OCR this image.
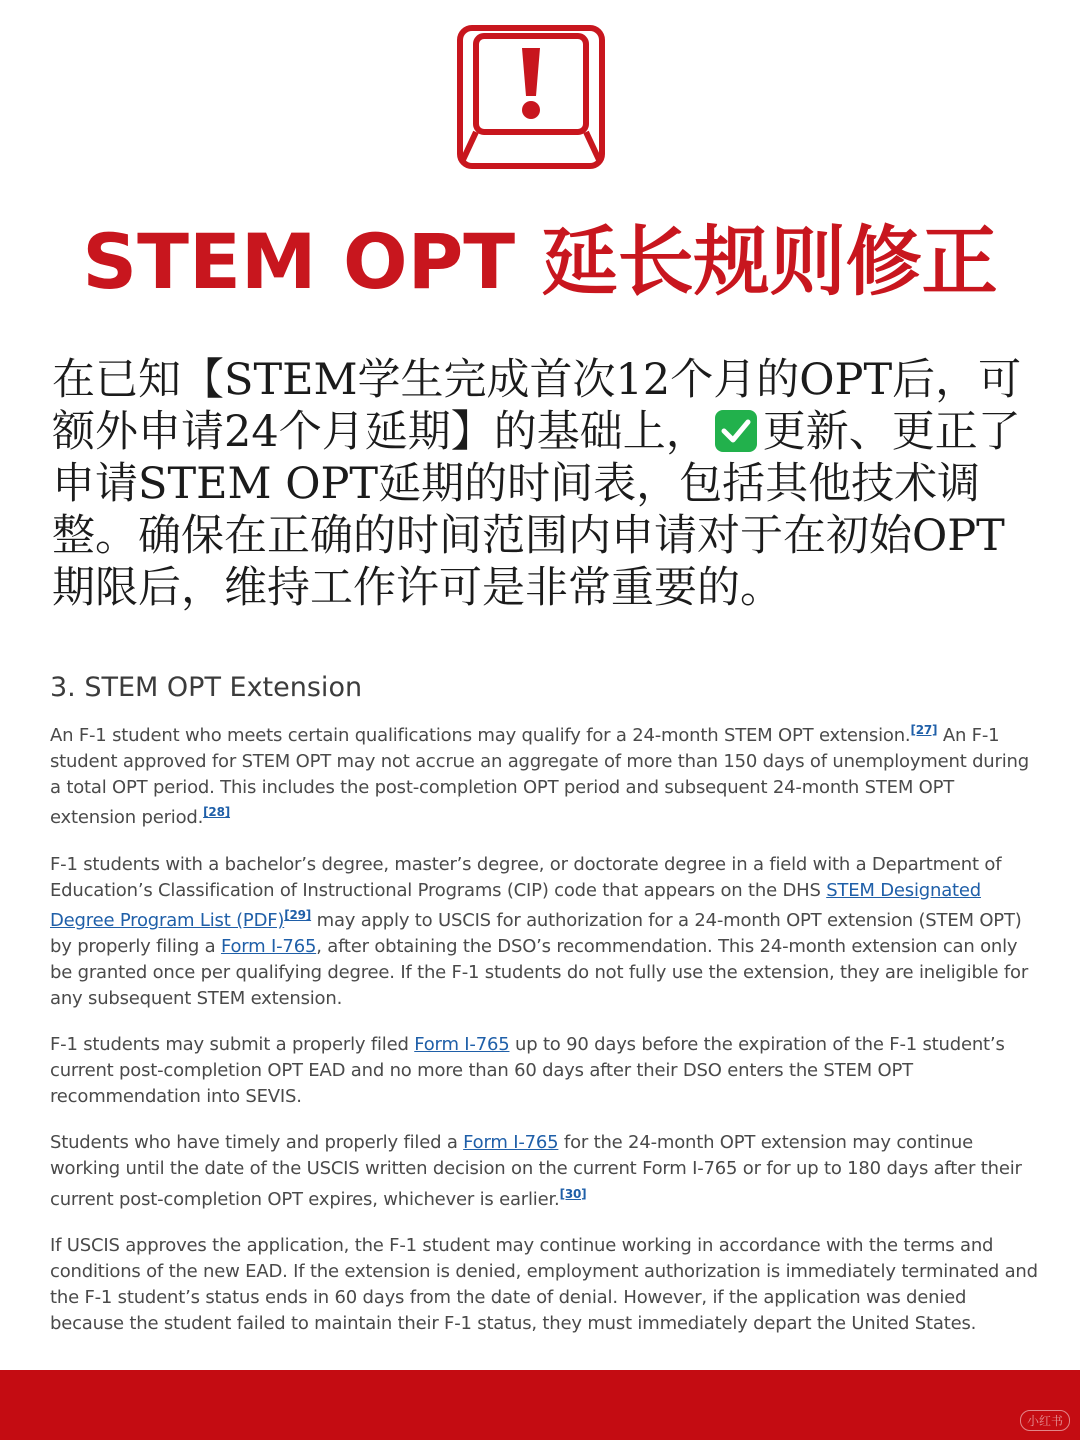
STEM OPT 延长规则修正
在已知【STEM学生完成首次12个月的OPT后，可额外申请24个月延期】的基础上， 更新、更正了申请STEM OPT延期的时间表，包括其他技术调整。确保在正确的时间范围内申请对于在初始OPT期限后，维持工作许可是非常重要的。
3. STEM OPT Extension

An F-1 student who meets certain qualifications may qualify for a 24-month STEM OPT extension.[27] An F-1 student approved for STEM OPT may not accrue an aggregate of more than 150 days of unemployment during a total OPT period. This includes the post-completion OPT period and subsequent 24-month STEM OPT extension period.[28]

F-1 students with a bachelor’s degree, master’s degree, or doctorate degree in a field with a Department of Education’s Classification of Instructional Programs (CIP) code that appears on the DHS STEM Designated Degree Program List (PDF)[29] may apply to USCIS for authorization for a 24-month OPT extension (STEM OPT) by properly filing a Form I-765, after obtaining the DSO’s recommendation. This 24-month extension can only be granted once per qualifying degree. If the F-1 students do not fully use the extension, they are ineligible for any subsequent STEM extension.

F-1 students may submit a properly filed Form I-765 up to 90 days before the expiration of the F-1 student’s current post-completion OPT EAD and no more than 60 days after their DSO enters the STEM OPT recommendation into SEVIS.

Students who have timely and properly filed a Form I-765 for the 24-month OPT extension may continue working until the date of the USCIS written decision on the current Form I-765 or for up to 180 days after their current post-completion OPT expires, whichever is earlier.[30]

If USCIS approves the application, the F-1 student may continue working in accordance with the terms and conditions of the new EAD. If the extension is denied, employment authorization is immediately terminated and the F-1 student’s status ends in 60 days from the date of denial. However, if the application was denied because the student failed to maintain their F-1 status, they must immediately depart the United States.

小红书
